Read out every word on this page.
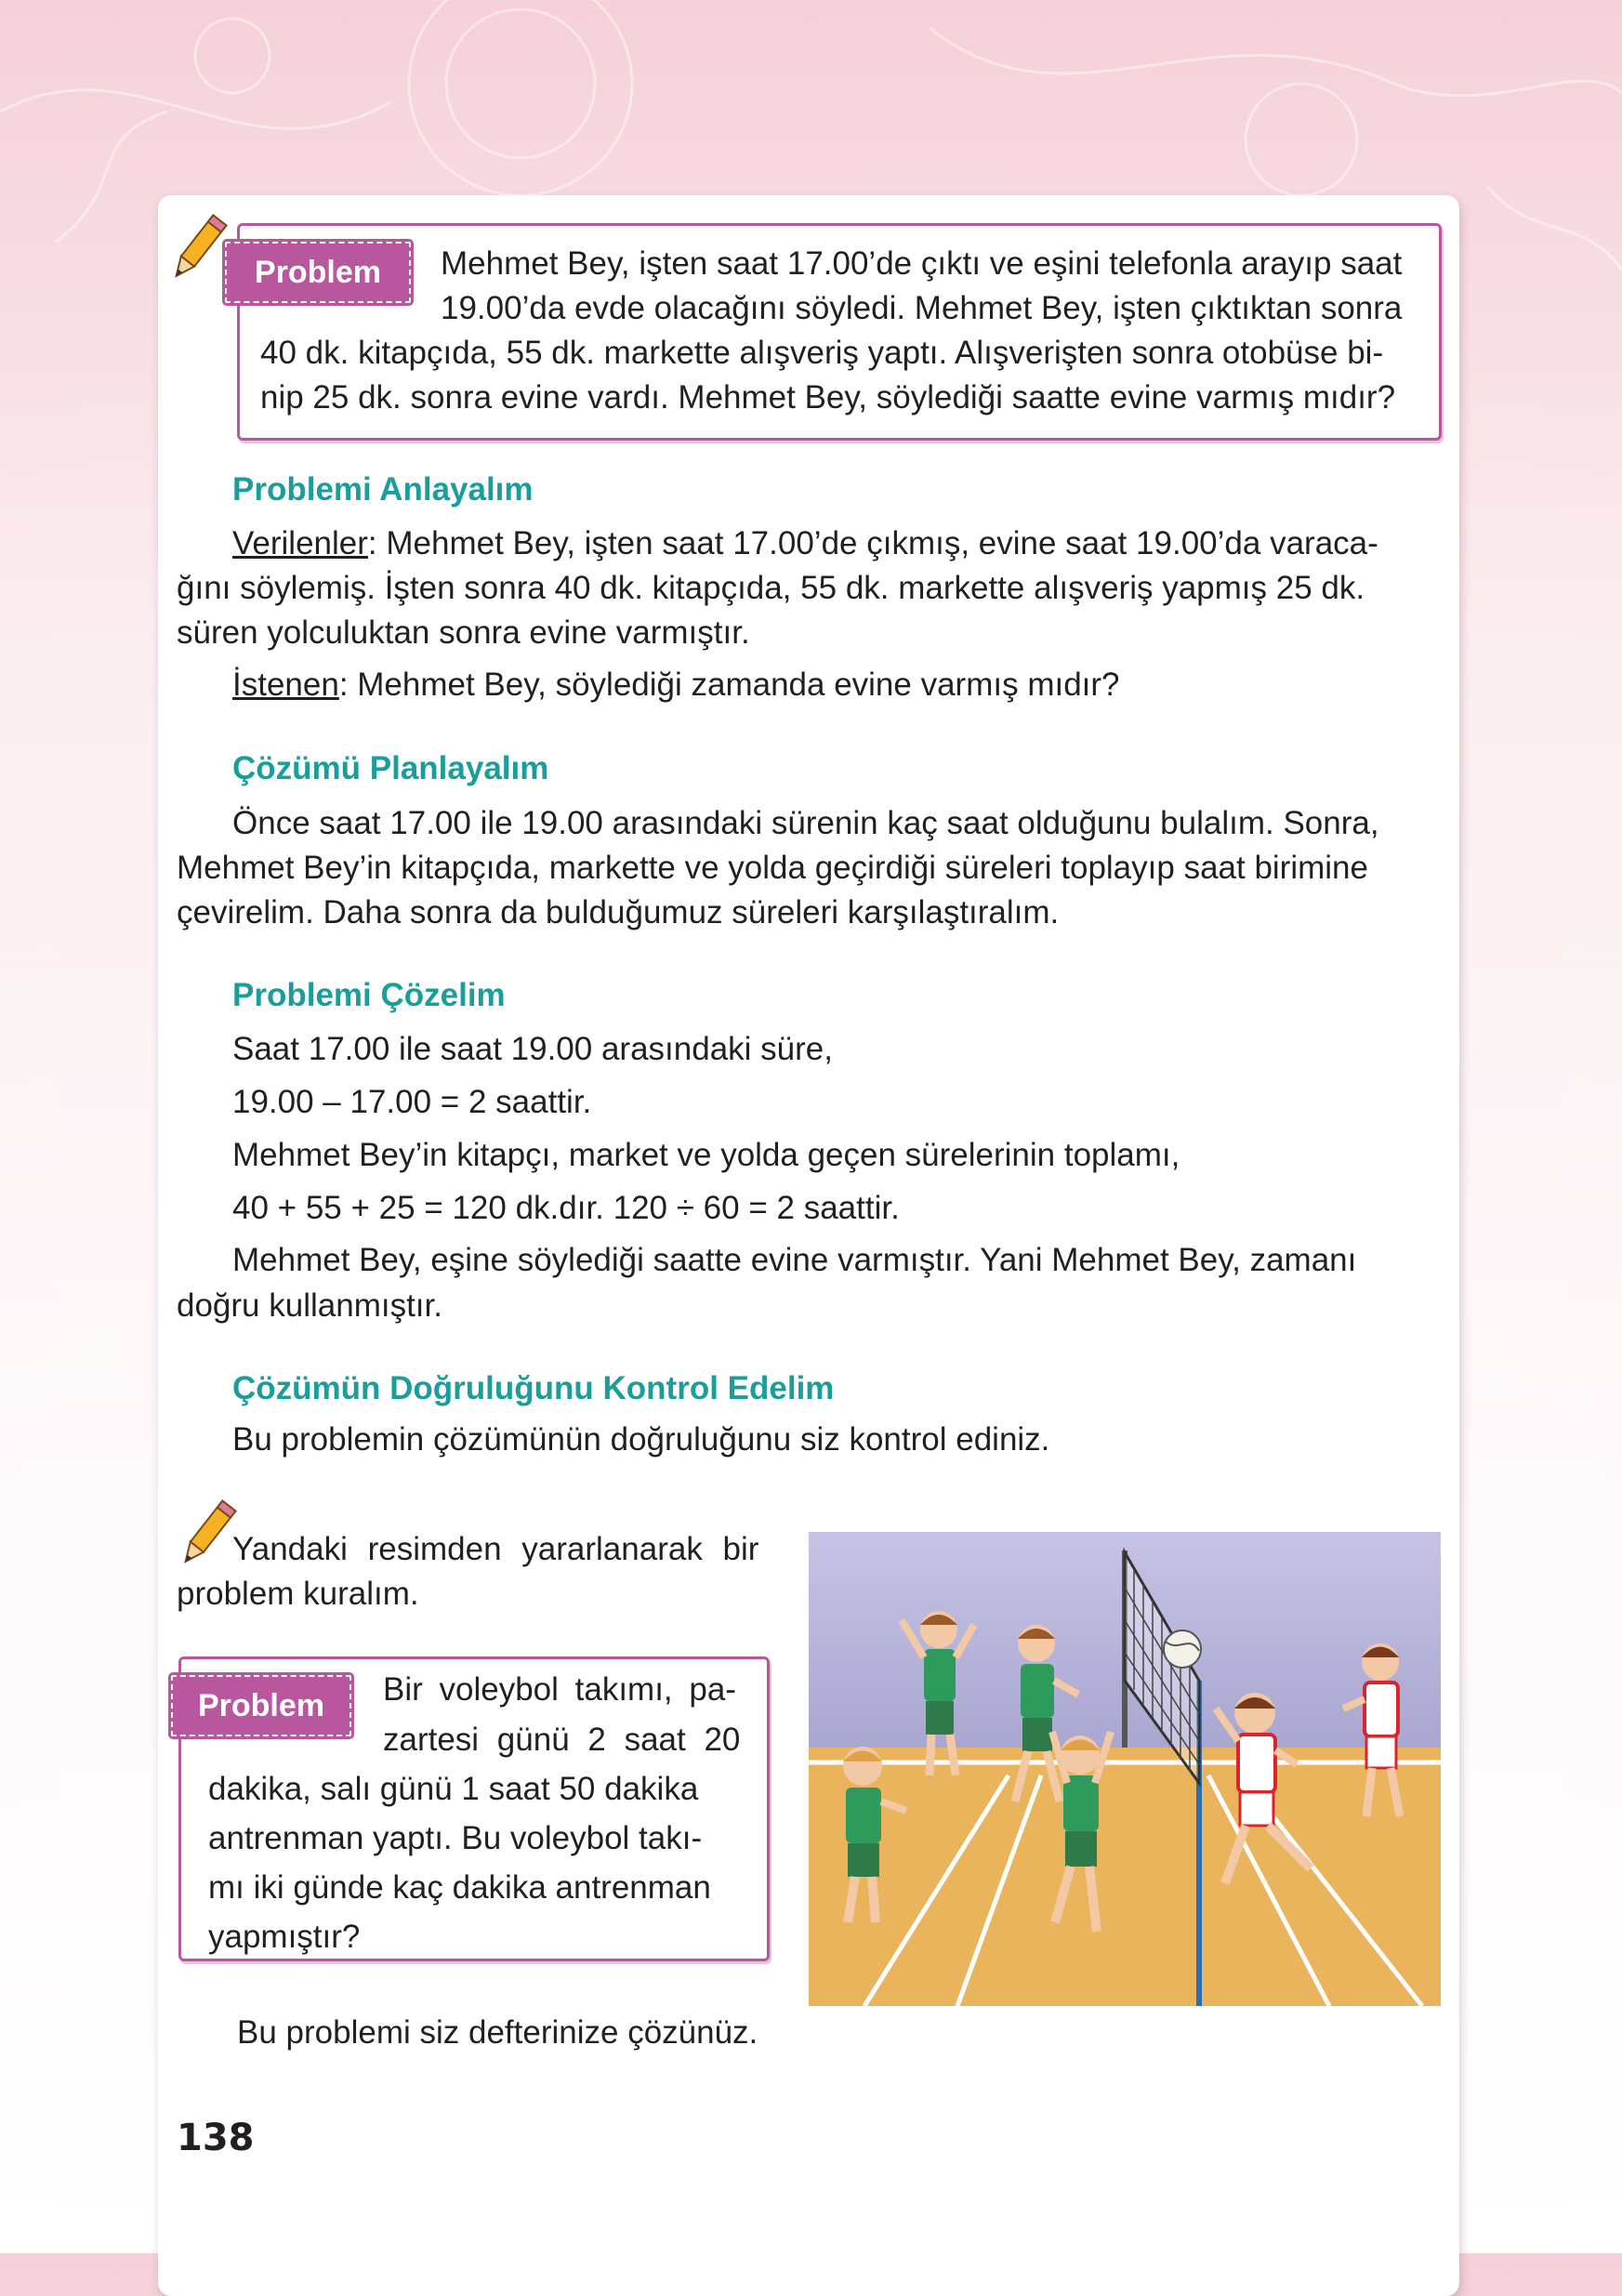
Problem	Mehmet Bey, işten saat 17.00’de çıktı ve eşini telefonla arayıp saat
19.00’da evde olacağını söyledi. Mehmet Bey, işten çıktıktan sonra
40 dk. kitapçıda, 55 dk. markette alışveriş yaptı. Alışverişten sonra otobüse bi-
nip 25 dk. sonra evine vardı. Mehmet Bey, söylediği saatte evine varmış mıdır?
Problemi Anlayalım
Verilenler: Mehmet Bey, işten saat 17.00’de çıkmış, evine saat 19.00’da varaca-
ğını söylemiş. İşten sonra 40 dk. kitapçıda, 55 dk. markette alışveriş yapmış 25 dk.
süren yolculuktan sonra evine varmıştır.
İstenen: Mehmet Bey, söylediği zamanda evine varmış mıdır?
Çözümü Planlayalım
Önce saat 17.00 ile 19.00 arasındaki sürenin kaç saat olduğunu bulalım. Sonra,
Mehmet Bey’in kitapçıda, markette ve yolda geçirdiği süreleri toplayıp saat birimine
çevirelim. Daha sonra da bulduğumuz süreleri karşılaştıralım.
Problemi Çözelim
Saat 17.00 ile saat 19.00 arasındaki süre,
19.00 – 17.00 = 2 saattir.
Mehmet Bey’in kitapçı, market ve yolda geçen sürelerinin toplamı,
40 + 55 + 25 = 120 dk.dır. 120 ÷ 60 = 2 saattir.
Mehmet Bey, eşine söylediği saatte evine varmıştır. Yani Mehmet Bey, zamanı
doğru kullanmıştır.
Çözümün Doğruluğunu Kontrol Edelim
Bu problemin çözümünün doğruluğunu siz kontrol ediniz.
Yandaki resimden yararlanarak bir
problem kuralım.
Problem	Bir voleybol takımı, pa-
zartesi günü 2 saat 20
dakika, salı günü 1 saat 50 dakika
antrenman yaptı. Bu voleybol takı-
mı iki günde kaç dakika antrenman
yapmıştır?
Bu problemi siz defterinize çözünüz.
138
